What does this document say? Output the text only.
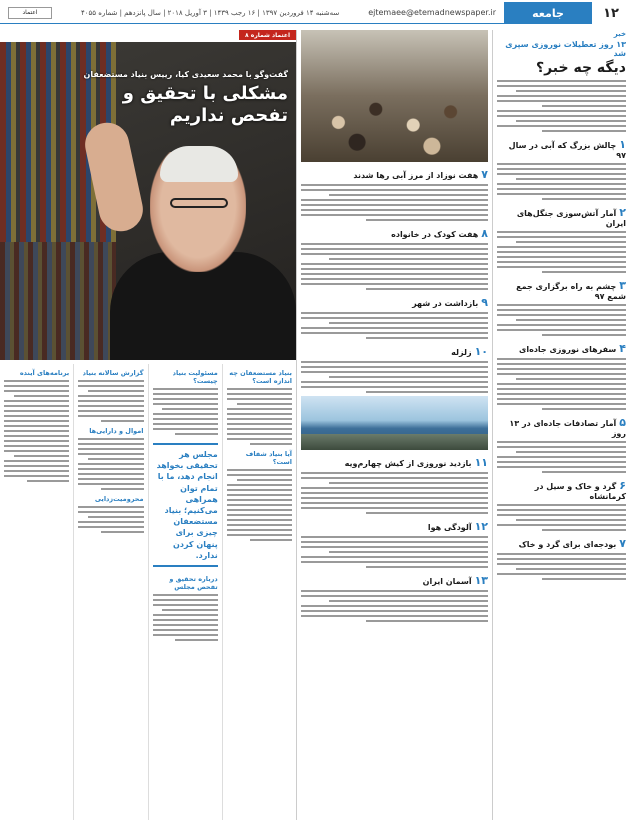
۱۲
جامعه
ejtemaee@etemadnewspaper.ir
سه‌شنبه ۱۴ فروردین ۱۳۹۷ | ۱۶ رجب ۱۴۳۹ | ۳ آوریل ۲۰۱۸ | سال پانزدهم | شماره ۴۰۵۵
اعتماد
خبر
۱۳ روز تعطیلات نوروزی سپری شد
دیگه چه خبر؟
۱چالش بزرگ که آبی در سال ۹۷
۲آمار آتش‌سوزی جنگل‌های ایران
۳چشم به راه برگزاری جمع شمع ۹۷
۴سفر‌های نوروزی جاده‌ای
۵آمار تصادفات جاده‌ای در ۱۳ روز
۶گرد و خاک و سیل در کرمانشاه
۷بودجه‌ای برای گرد و خاک
۷هفت نوزاد از مرز آبی رها شدند
۸هفت کودک در خانواده
۹بازداشت در شهر
۱۰زلزله
۱۱بازدید نوروزی از کیش چهارم‌ویه
۱۲آلودگی هوا
۱۳آسمان ایران
اعتماد شماره ۸
گفت‌وگو با محمد سعیدی کیا، رییس بنیاد مستضعفان
مشکلی با تحقیق و تفحص نداریم
بنیاد مستضعفان چه اندازه است؟
آیا بنیاد شفاف است؟
مسئولیت بنیاد چیست؟
مجلس هر تحقیقی بخواهد انجام دهد، ما با تمام توان همراهی می‌کنیم؛ بنیاد مستضعفان چیزی برای پنهان کردن ندارد.
درباره تحقیق و تفحص مجلس
گزارش سالانه بنیاد
اموال و دارایی‌ها
محرومیت‌زدایی
برنامه‌های آینده
